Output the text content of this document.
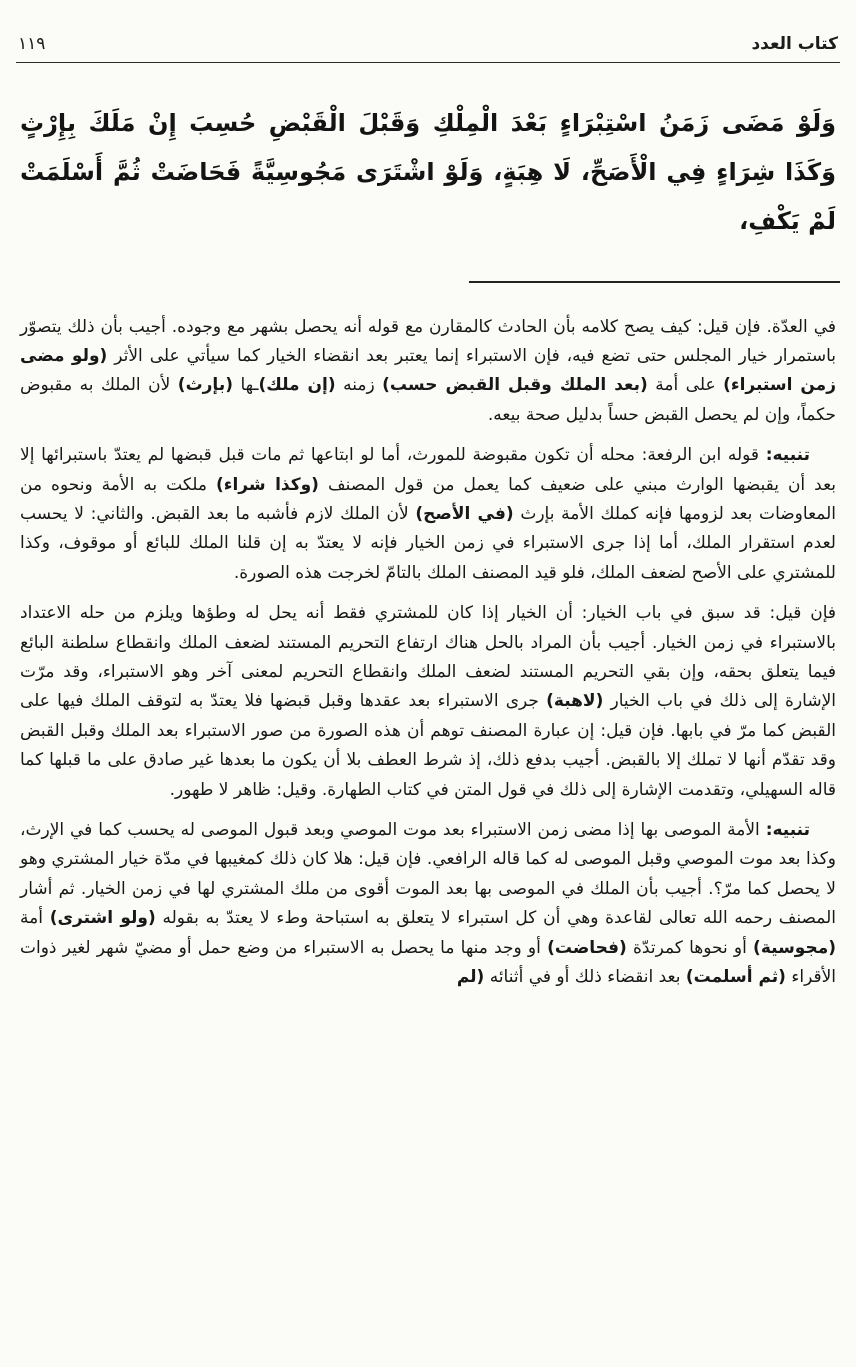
كتاب العدد
١١٩
وَلَوْ مَضَى زَمَنُ اسْتِبْرَاءٍ بَعْدَ الْمِلْكِ وَقَبْلَ الْقَبْضِ حُسِبَ إِنْ مَلَكَ بِإِرْثٍ وَكَذَا شِرَاءٍ فِي الْأَصَحِّ، لَا هِبَةٍ، وَلَوْ اشْتَرَى مَجُوسِيَّةً فَحَاضَتْ ثُمَّ أَسْلَمَتْ لَمْ يَكْفِ،

في العدّة. فإن قيل: كيف يصح كلامه بأن الحادث كالمقارن مع قوله أنه يحصل بشهر مع وجوده. أجيب بأن ذلك يتصوّر باستمرار خيار المجلس حتى تضع فيه، فإن الاستبراء إنما يعتبر بعد انقضاء الخيار كما سيأتي على الأثر (ولو مضى زمن استبراء) على أمة (بعد الملك وقبل القبض حسب) زمنه (إن ملك)ـها (بإرث) لأن الملك به مقبوض حكماً، وإن لم يحصل القبض حساً بدليل صحة بيعه.

تنبيه: قوله ابن الرفعة: محله أن تكون مقبوضة للمورث، أما لو ابتاعها ثم مات قبل قبضها لم يعتدّ باستبرائها إلا بعد أن يقبضها الوارث مبني على ضعيف كما يعمل من قول المصنف (وكذا شراء) ملكت به الأمة ونحوه من المعاوضات بعد لزومها فإنه كملك الأمة بإرث (في الأصح) لأن الملك لازم فأشبه ما بعد القبض. والثاني: لا يحسب لعدم استقرار الملك، أما إذا جرى الاستبراء في زمن الخيار فإنه لا يعتدّ به إن قلنا الملك للبائع أو موقوف، وكذا للمشتري على الأصح لضعف الملك، فلو قيد المصنف الملك بالتامّ لخرجت هذه الصورة.

فإن قيل: قد سبق في باب الخيار: أن الخيار إذا كان للمشتري فقط أنه يحل له وطؤها ويلزم من حله الاعتداد بالاستبراء في زمن الخيار. أجيب بأن المراد بالحل هناك ارتفاع التحريم المستند لضعف الملك وانقطاع سلطنة البائع فيما يتعلق بحقه، وإن بقي التحريم المستند لضعف الملك وانقطاع التحريم لمعنى آخر وهو الاستبراء، وقد مرّت الإشارة إلى ذلك في باب الخيار (لاهبة) جرى الاستبراء بعد عقدها وقبل قبضها فلا يعتدّ به لتوقف الملك فيها على القبض كما مرّ في بابها. فإن قيل: إن عبارة المصنف توهم أن هذه الصورة من صور الاستبراء بعد الملك وقبل القبض وقد تقدّم أنها لا تملك إلا بالقبض. أجيب بدفع ذلك، إذ شرط العطف بلا أن يكون ما بعدها غير صادق على ما قبلها كما قاله السهيلي، وتقدمت الإشارة إلى ذلك في قول المتن في كتاب الطهارة. وقيل: ظاهر لا طهور.

تنبيه: الأمة الموصى بها إذا مضى زمن الاستبراء بعد موت الموصي وبعد قبول الموصى له يحسب كما في الإرث، وكذا بعد موت الموصي وقبل الموصى له كما قاله الرافعي. فإن قيل: هلا كان ذلك كمغيبها في مدّة خيار المشتري وهو لا يحصل كما مرّ؟. أجيب بأن الملك في الموصى بها بعد الموت أقوى من ملك المشتري لها في زمن الخيار. ثم أشار المصنف رحمه الله تعالى لقاعدة وهي أن كل استبراء لا يتعلق به استباحة وطء لا يعتدّ به بقوله (ولو اشترى) أمة (مجوسية) أو نحوها كمرتدّة (فحاضت) أو وجد منها ما يحصل به الاستبراء من وضع حمل أو مضيّ شهر لغير ذوات الأقراء (ثم أسلمت) بعد انقضاء ذلك أو في أثنائه (لم
